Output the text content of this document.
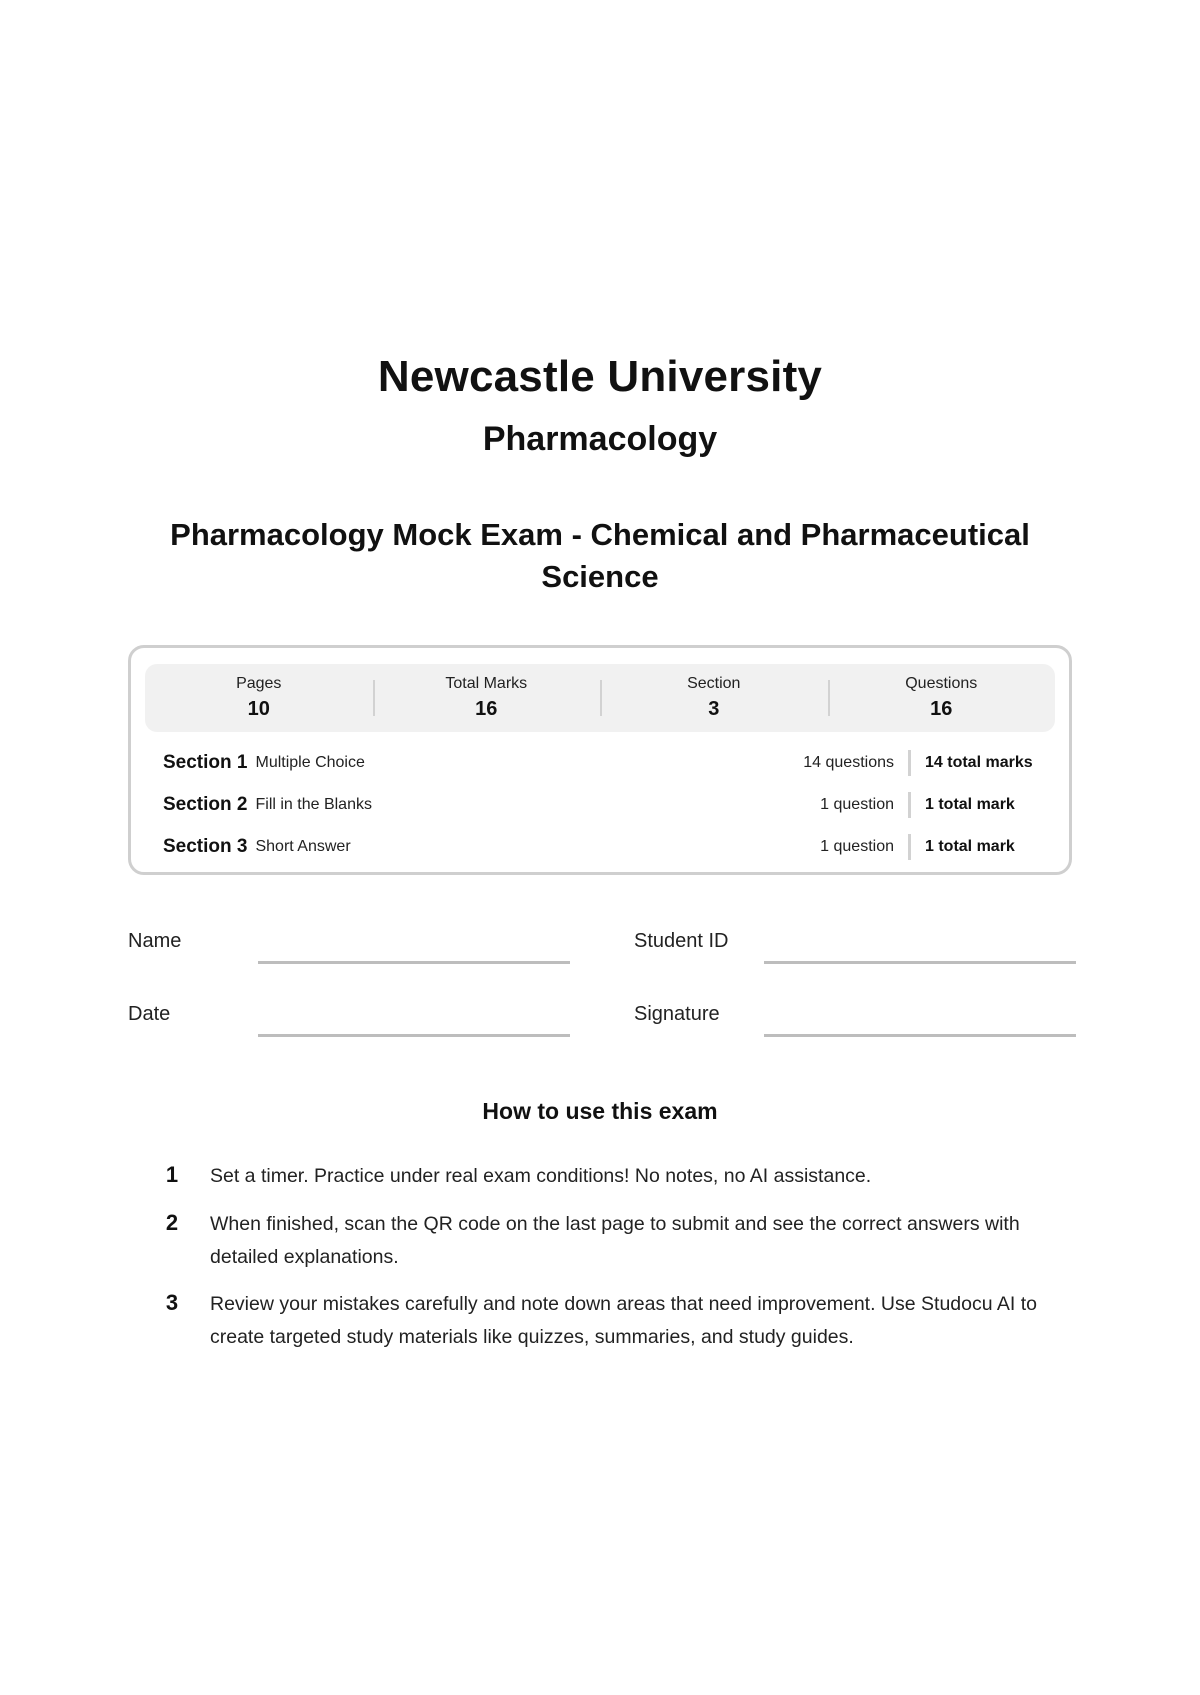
Newcastle University
Pharmacology
Pharmacology Mock Exam - Chemical and Pharmaceutical Science
Pages
10
Total Marks
16
Section
3
Questions
16
Section 1 Multiple Choice	14 questions	14 total marks
Section 2 Fill in the Blanks	1 question	1 total mark
Section 3 Short Answer	1 question	1 total mark
Name	Student ID
Date	Signature
How to use this exam
1	Set a timer. Practice under real exam conditions! No notes, no AI assistance.
2	When finished, scan the QR code on the last page to submit and see the correct answers with detailed explanations.
3	Review your mistakes carefully and note down areas that need improvement. Use Studocu AI to create targeted study materials like quizzes, summaries, and study guides.
